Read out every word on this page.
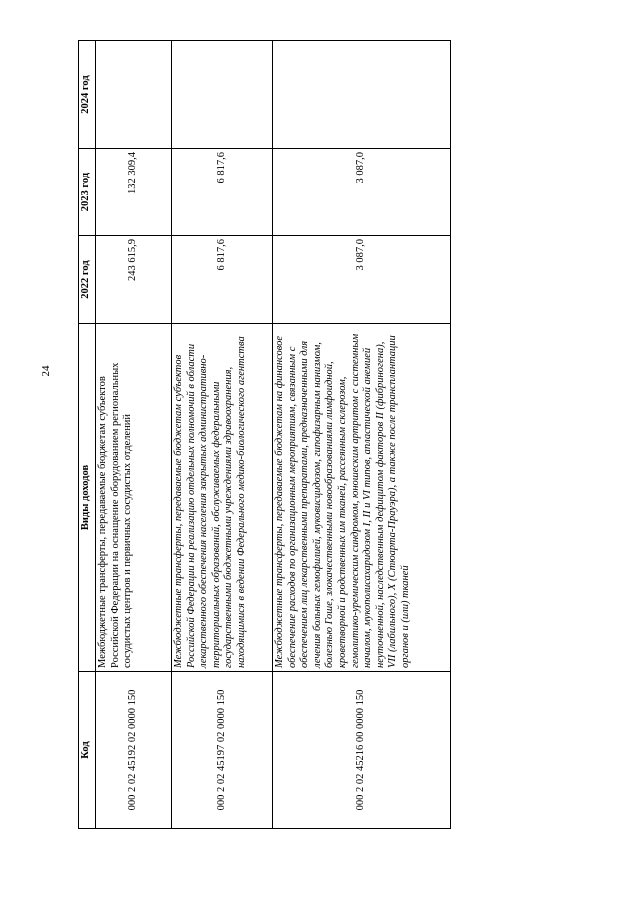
24
Код	Виды доходов	2022 год	2023 год	2024 год
000 2 02 45192 02 0000 150	Межбюджетные трансферты, передаваемые бюджетам субъектов Российской Федерации на оснащение оборудованием региональных сосудистых центров и первичных сосудистых отделений	243 615,9	132 309,4	
000 2 02 45197 02 0000 150	Межбюджетные трансферты, передаваемые бюджетам субъектов Российской Федерации на реализацию отдельных полномочий в области лекарственного обеспечения населения закрытых административно-территориальных образований, обслуживаемых федеральными государственными бюджетными учреждениями здравоохранения, находящимися в ведении Федерального медико-биологического агентства	6 817,6	6 817,6	
000 2 02 45216 00 0000 150	Межбюджетные трансферты, передаваемые бюджетам на финансовое обеспечение расходов по организационным мероприятиям, связанным с обеспечением лиц лекарственными препаратами, предназначенными для лечения больных гемофилией, муковисцидозом, гипофизарным нанизмом, болезнью Гоше, злокачественными новообразованиями лимфоидной, кроветворной и родственных им тканей, рассеянным склерозом, гемолитико-уремическим синдромом, юношеским артритом с системным началом, мукополисахаридозом I, II и VI типов, апластической анемией неуточненной, наследственным дефицитом факторов II (фибриногена), VII (лабильного), X (Стюарта-Прауэра), а также после трансплантации органов и (или) тканей	3 087,0	3 087,0	
